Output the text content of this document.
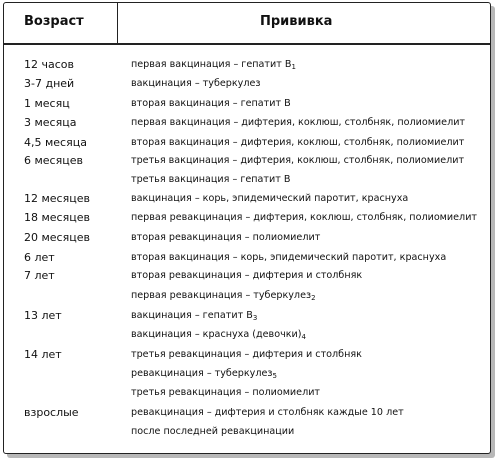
Возраст	Прививка
12 часов
3-7 дней
1 месяц
3 месяца
4,5 месяца
6 месяцев
12 месяцев
18 месяцев
20 месяцев
6 лет
7 лет
13 лет
14 лет
взрослые
первая вакцинация – гепатит $B_1$
вакцинация – туберкулез
вторая вакцинация – гепатит B
первая вакцинация – дифтерия, коклюш, столбняк, полиомиелит
вторая вакцинация – дифтерия, коклюш, столбняк, полиомиелит
третья вакцинация – дифтерия, коклюш, столбняк, полиомиелит
третья вакцинация – гепатит B
вакцинация – корь, эпидемический паротит, краснуха
первая ревакцинация – дифтерия, коклюш, столбняк, полиомиелит
вторая ревакцинация – полиомиелит
вторая вакцинация – корь, эпидемический паротит, краснуха
вторая ревакцинация – дифтерия и столбняк
первая ревакцинация – туберкулез$_2$
вакцинация – гепатит $B_3$
вакцинация – краснуха $(девочки)_4$
третья ревакцинация – дифтерия и столбняк
ревакцинация – туберкулез$_5$
третья ревакцинация – полиомиелит
ревакцинация – дифтерия и столбняк каждые 10 лет
после последней ревакцинации
